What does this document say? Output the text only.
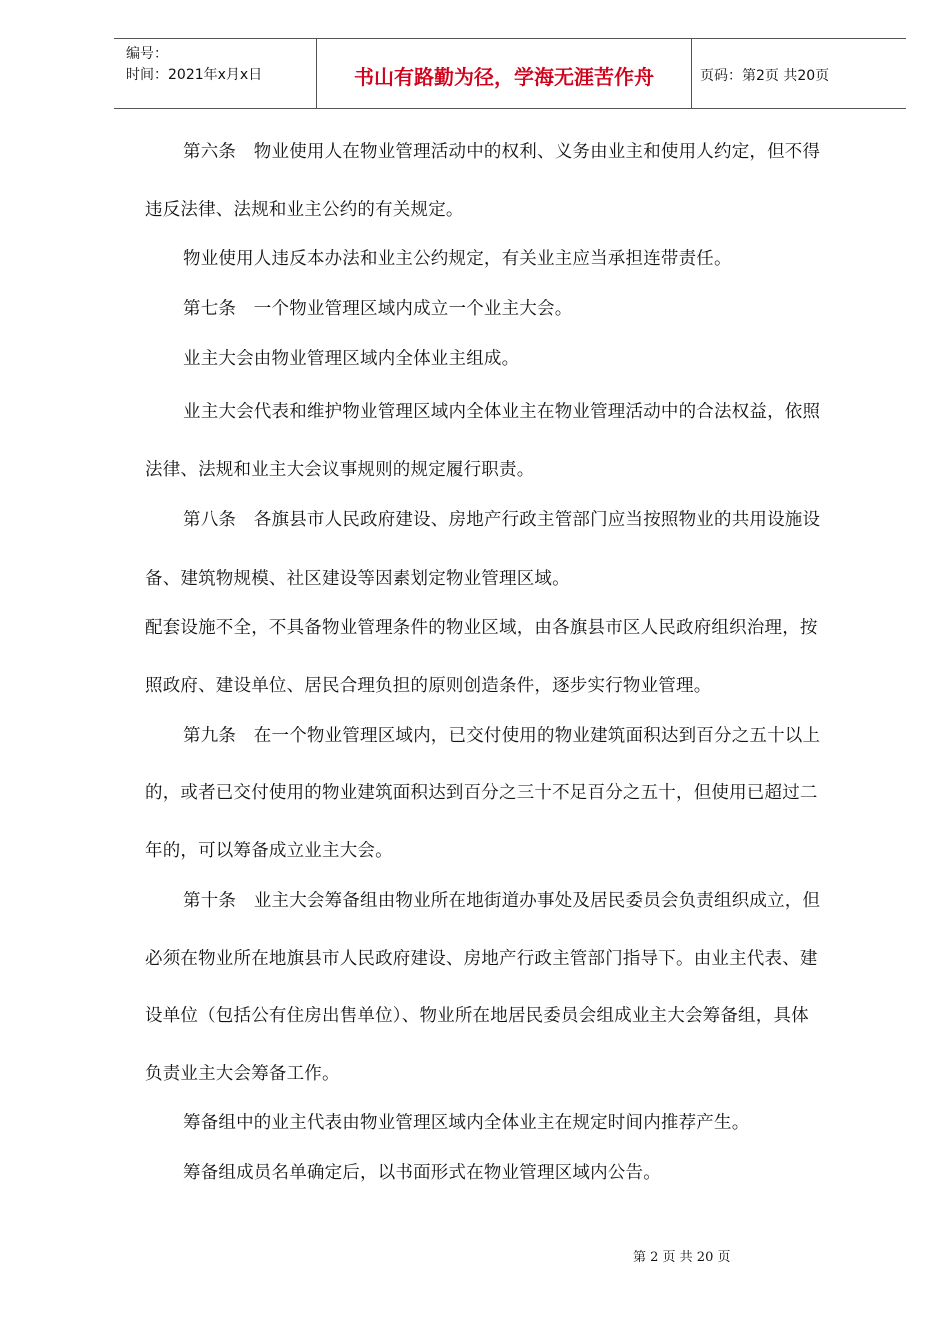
编号：
时间：2021年x月x日	书山有路勤为径，学海无涯苦作舟	页码：第2页 共20页
第六条　物业使用人在物业管理活动中的权利、义务由业主和使用人约定，但不得
违反法律、法规和业主公约的有关规定。
物业使用人违反本办法和业主公约规定，有关业主应当承担连带责任。
第七条　一个物业管理区域内成立一个业主大会。
业主大会由物业管理区域内全体业主组成。
业主大会代表和维护物业管理区域内全体业主在物业管理活动中的合法权益，依照
法律、法规和业主大会议事规则的规定履行职责。
第八条　各旗县市人民政府建设、房地产行政主管部门应当按照物业的共用设施设
备、建筑物规模、社区建设等因素划定物业管理区域。
配套设施不全，不具备物业管理条件的物业区域，由各旗县市区人民政府组织治理，按
照政府、建设单位、居民合理负担的原则创造条件，逐步实行物业管理。
第九条　在一个物业管理区域内，已交付使用的物业建筑面积达到百分之五十以上
的，或者已交付使用的物业建筑面积达到百分之三十不足百分之五十，但使用已超过二
年的，可以筹备成立业主大会。
第十条　业主大会筹备组由物业所在地街道办事处及居民委员会负责组织成立，但
必须在物业所在地旗县市人民政府建设、房地产行政主管部门指导下。由业主代表、建
设单位（包括公有住房出售单位）、物业所在地居民委员会组成业主大会筹备组，具体
负责业主大会筹备工作。
筹备组中的业主代表由物业管理区域内全体业主在规定时间内推荐产生。
筹备组成员名单确定后，以书面形式在物业管理区域内公告。
第 2 页 共 20 页
